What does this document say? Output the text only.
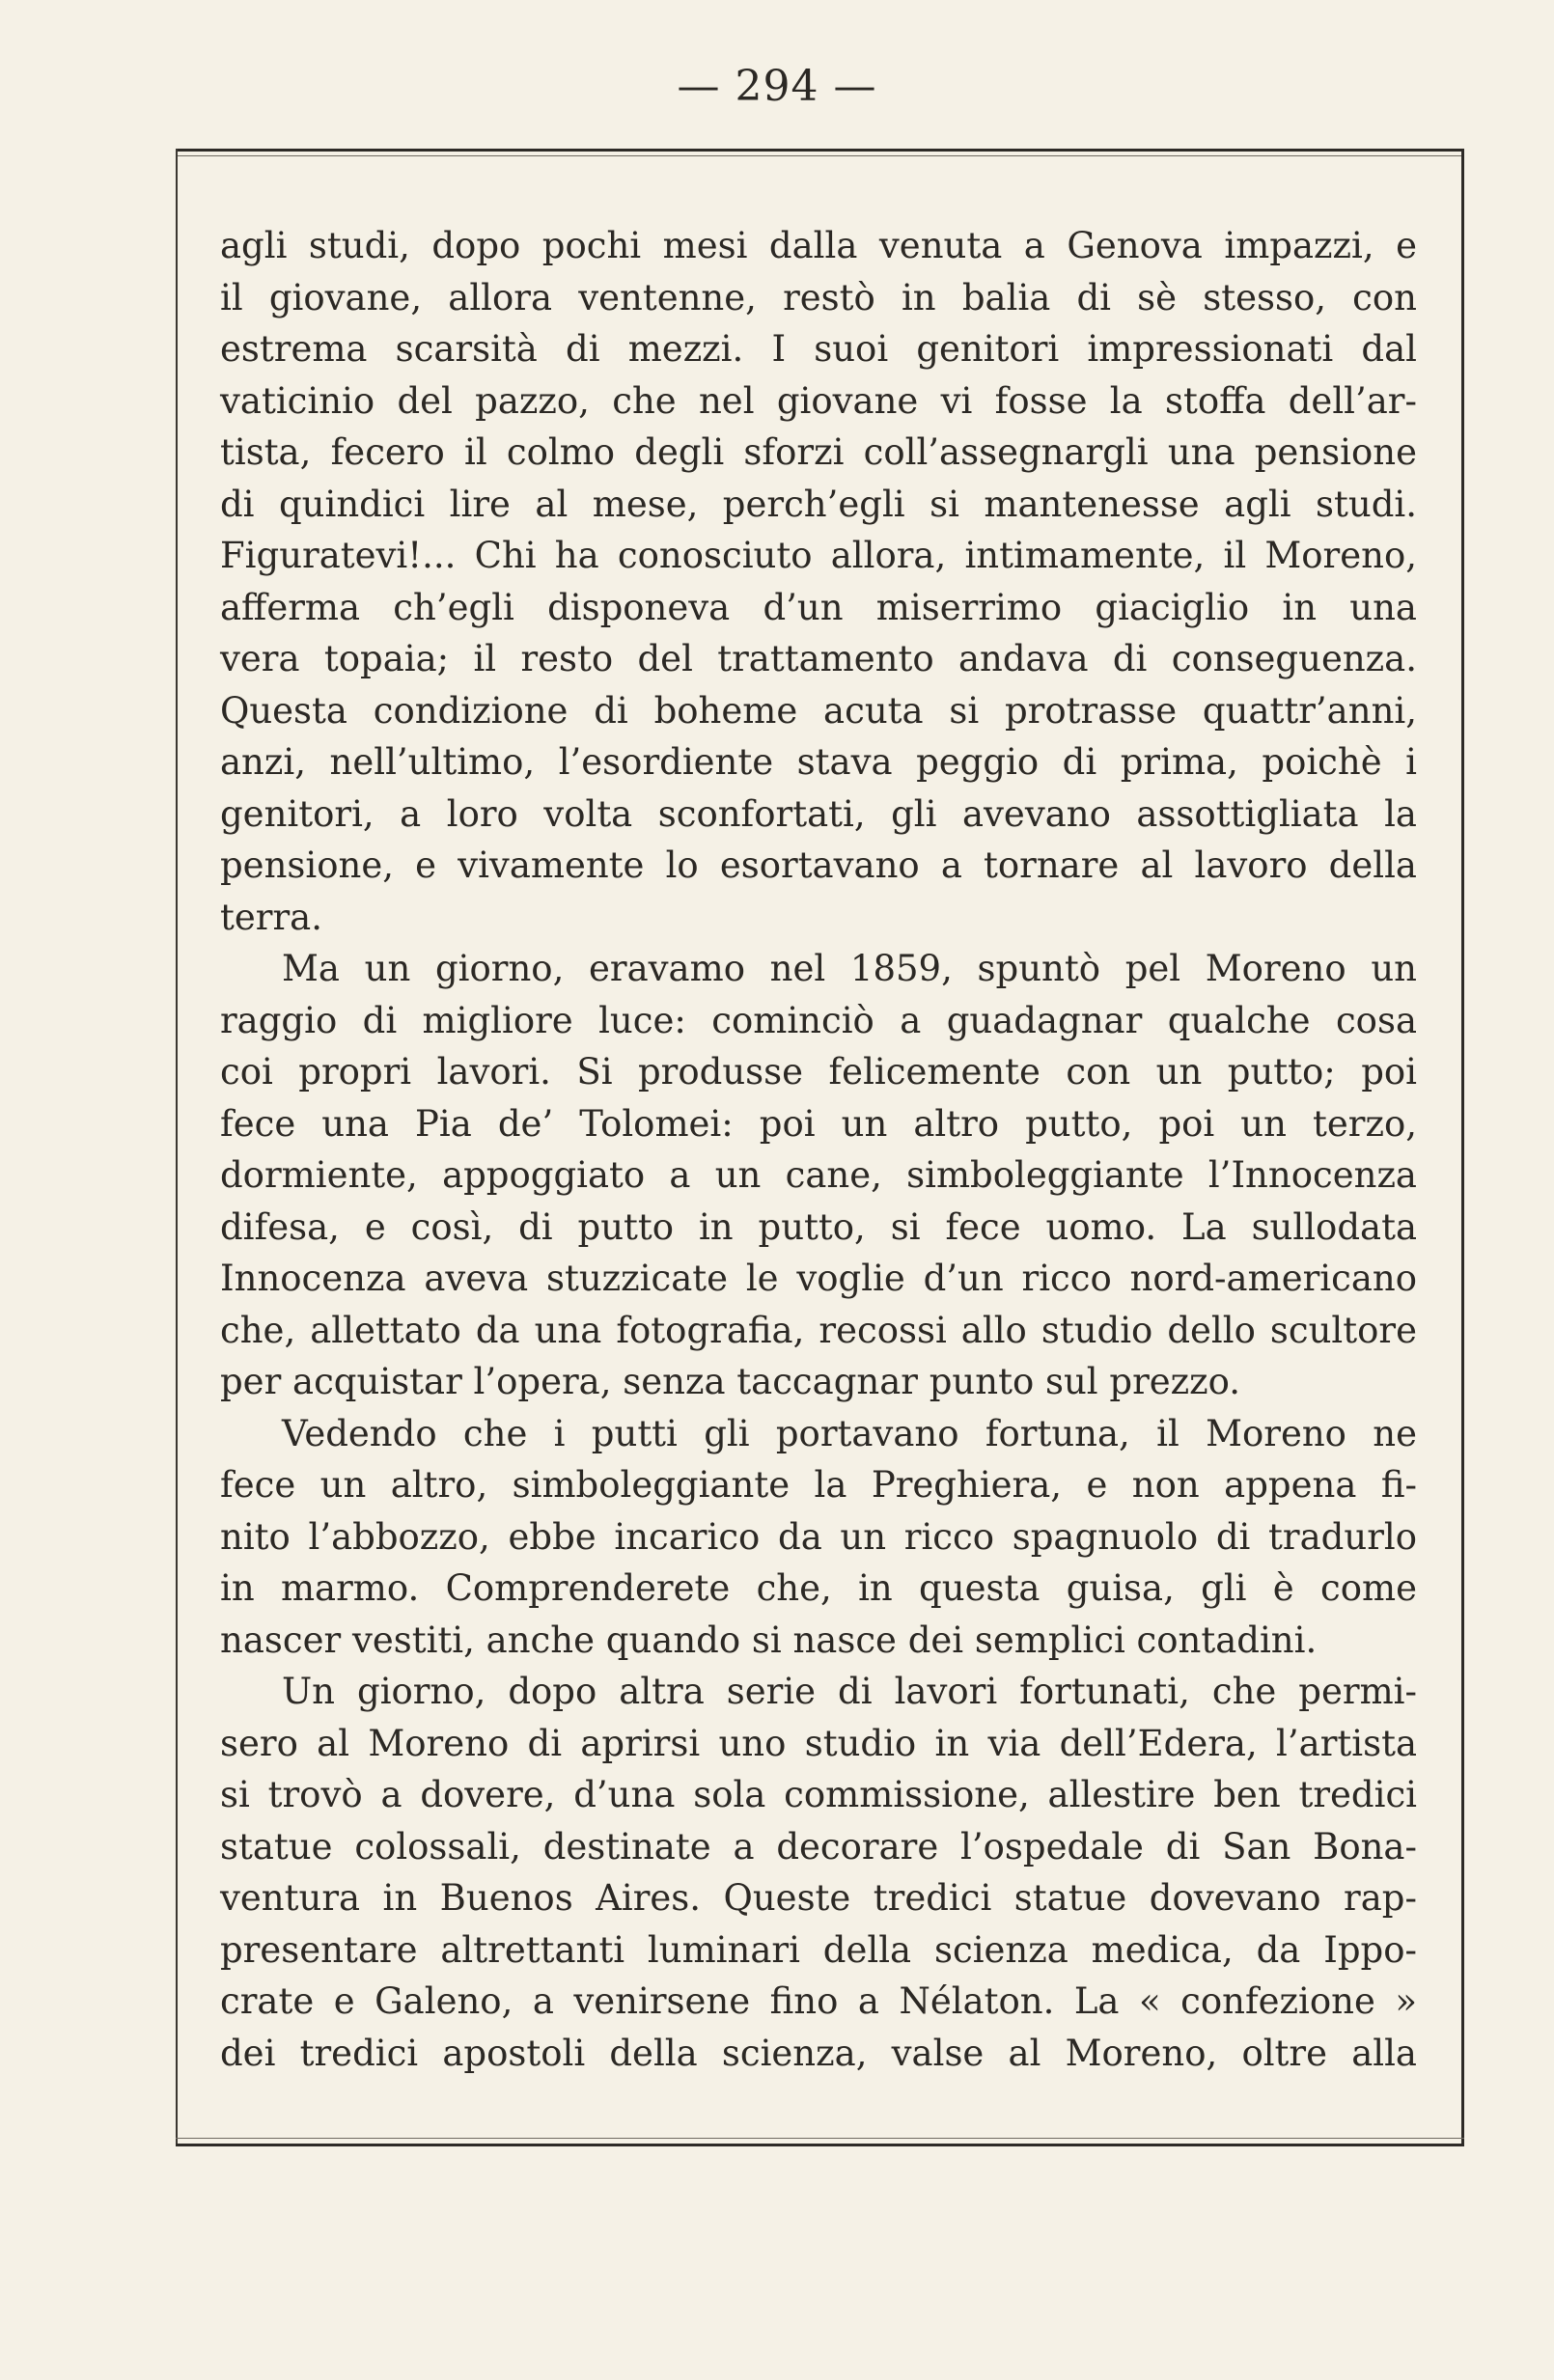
— 294 —
agli studi, dopo pochi mesi dalla venuta a Genova impazzi, e
il giovane, allora ventenne, restò in balia di sè stesso, con
estrema scarsità di mezzi. I suoi genitori impressionati dal
vaticinio del pazzo, che nel giovane vi fosse la stoffa dell’ar-
tista, fecero il colmo degli sforzi coll’assegnargli una pensione
di quindici lire al mese, perch’egli si mantenesse agli studi.
Figuratevi!... Chi ha conosciuto allora, intimamente, il Moreno,
afferma ch’egli disponeva d’un miserrimo giaciglio in una
vera topaia; il resto del trattamento andava di conseguenza.
Questa condizione di boheme acuta si protrasse quattr’anni,
anzi, nell’ultimo, l’esordiente stava peggio di prima, poichè i
genitori, a loro volta sconfortati, gli avevano assottigliata la
pensione, e vivamente lo esortavano a tornare al lavoro della
terra.
Ma un giorno, eravamo nel 1859, spuntò pel Moreno un
raggio di migliore luce: cominciò a guadagnar qualche cosa
coi propri lavori. Si produsse felicemente con un putto; poi
fece una Pia de’ Tolomei: poi un altro putto, poi un terzo,
dormiente, appoggiato a un cane, simboleggiante l’Innocenza
difesa, e così, di putto in putto, si fece uomo. La sullodata
Innocenza aveva stuzzicate le voglie d’un ricco nord-americano
che, allettato da una fotografia, recossi allo studio dello scultore
per acquistar l’opera, senza taccagnar punto sul prezzo.
Vedendo che i putti gli portavano fortuna, il Moreno ne
fece un altro, simboleggiante la Preghiera, e non appena fi-
nito l’abbozzo, ebbe incarico da un ricco spagnuolo di tradurlo
in marmo. Comprenderete che, in questa guisa, gli è come
nascer vestiti, anche quando si nasce dei semplici contadini.
Un giorno, dopo altra serie di lavori fortunati, che permi-
sero al Moreno di aprirsi uno studio in via dell’Edera, l’artista
si trovò a dovere, d’una sola commissione, allestire ben tredici
statue colossali, destinate a decorare l’ospedale di San Bona-
ventura in Buenos Aires. Queste tredici statue dovevano rap-
presentare altrettanti luminari della scienza medica, da Ippo-
crate e Galeno, a venirsene fino a Nélaton. La « confezione »
dei tredici apostoli della scienza, valse al Moreno, oltre alla
